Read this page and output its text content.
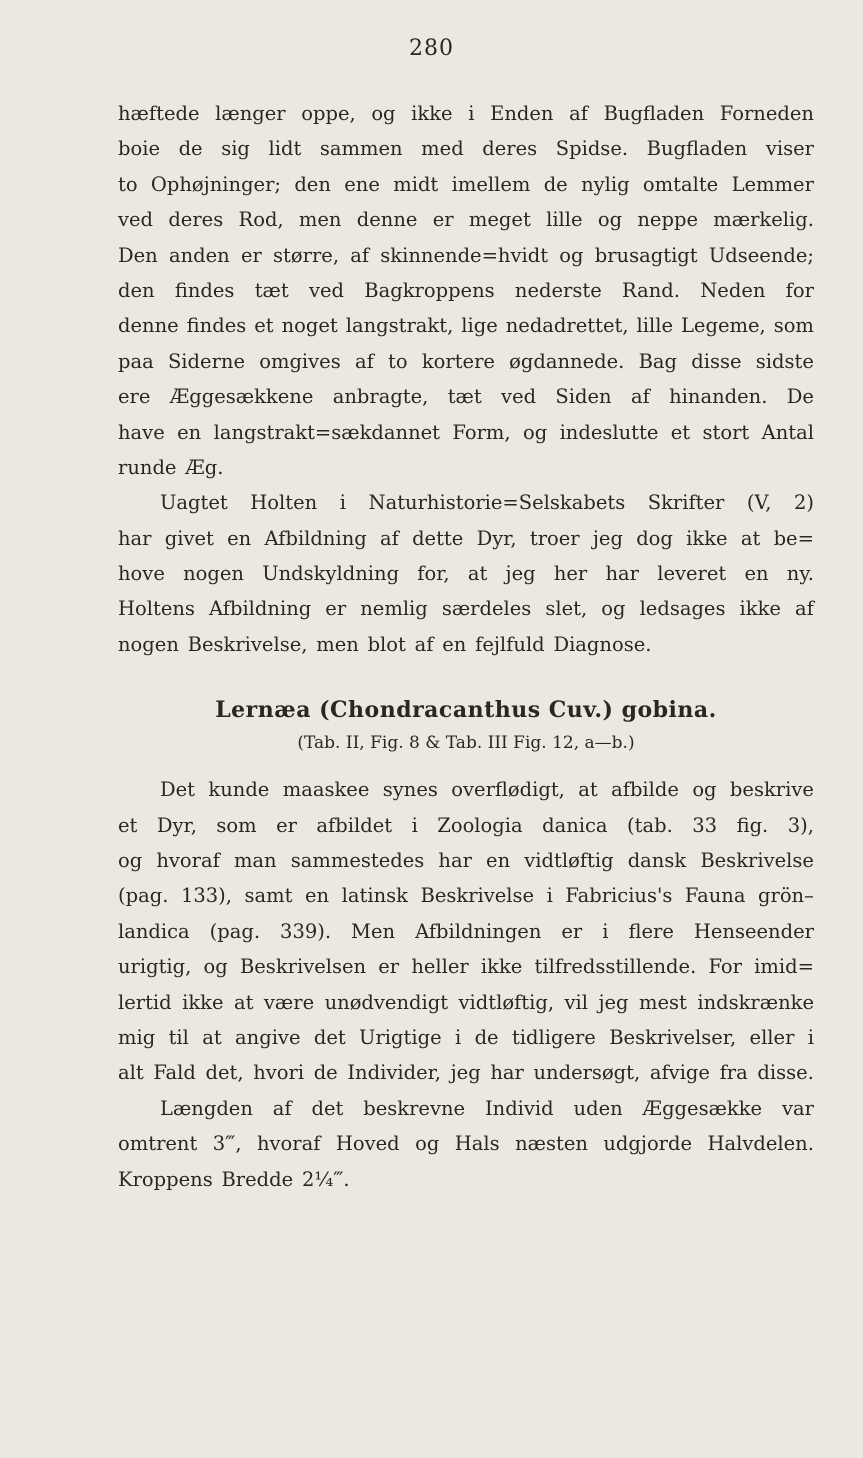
280
hæftede længer oppe, og ikke i Enden af Bugfladen Forneden
boie de sig lidt sammen med deres Spidse. Bugfladen viser
to Ophøjninger; den ene midt imellem de nylig omtalte Lemmer
ved deres Rod, men denne er meget lille og neppe mærkelig.
Den anden er større, af skinnende=hvidt og brusagtigt Udseende;
den findes tæt ved Bagkroppens nederste Rand. Neden for
denne findes et noget langstrakt, lige nedadrettet, lille Legeme, som
paa Siderne omgives af to kortere øgdannede. Bag disse sidste
ere Æggesækkene anbragte, tæt ved Siden af hinanden. De
have en langstrakt=sækdannet Form, og indeslutte et stort Antal
runde Æg.
Uagtet Holten i Naturhistorie=Selskabets Skrifter (V, 2)
har givet en Afbildning af dette Dyr, troer jeg dog ikke at be=
hove nogen Undskyldning for, at jeg her har leveret en ny.
Holtens Afbildning er nemlig særdeles slet, og ledsages ikke af
nogen Beskrivelse, men blot af en fejlfuld Diagnose.
Lernæa (Chondracanthus Cuv.) gobina.
(Tab. II, Fig. 8 & Tab. III Fig. 12, a—b.)
Det kunde maaskee synes overflødigt, at afbilde og beskrive
et Dyr, som er afbildet i Zoologia danica (tab. 33 fig. 3),
og hvoraf man sammestedes har en vidtløftig dansk Beskrivelse
(pag. 133), samt en latinsk Beskrivelse i Fabricius's Fauna grön–
landica (pag. 339). Men Afbildningen er i flere Henseender
urigtig, og Beskrivelsen er heller ikke tilfredsstillende. For imid=
lertid ikke at være unødvendigt vidtløftig, vil jeg mest indskrænke
mig til at angive det Urigtige i de tidligere Beskrivelser, eller i
alt Fald det, hvori de Individer, jeg har undersøgt, afvige fra disse.
Længden af det beskrevne Individ uden Æggesække var
omtrent 3‴, hvoraf Hoved og Hals næsten udgjorde Halvdelen.
Kroppens Bredde 2¼‴.
